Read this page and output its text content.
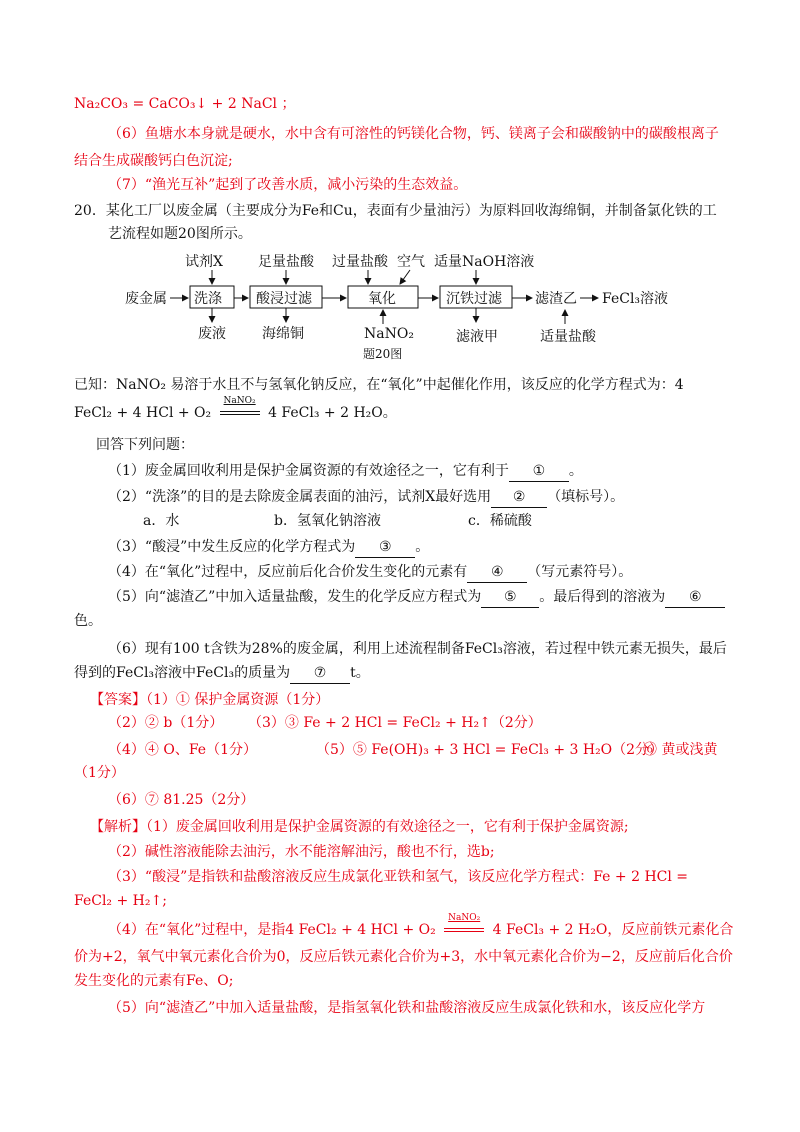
Na₂CO₃ = CaCO₃↓ + 2 NaCl ；
（6）鱼塘水本身就是硬水，水中含有可溶性的钙镁化合物，钙、镁离子会和碳酸钠中的碳酸根离子
结合生成碳酸钙白色沉淀;
（7）“渔光互补”起到了改善水质，减小污染的生态效益。
20．某化工厂以废金属（主要成分为Fe和Cu，表面有少量油污）为原料回收海绵铜，并制备氯化铁的工
艺流程如题20图所示。
废金属 洗涤 酸浸过滤	氧化	沉铁过滤 滤渣乙 FeCl₃溶液
试剂X	足量盐酸 过量盐酸 空气 适量NaOH溶液
废液	海绵铜	NaNO₂	滤液甲	适量盐酸
题20图
已知：NaNO₂ 易溶于水且不与氢氧化钠反应，在“氧化”中起催化作用，该反应的化学方程式为：4
FeCl₂ + 4 HCl + O₂
NaNO₂
4 FeCl₃ + 2 H₂O。
回答下列问题：
（1）废金属回收利用是保护金属资源的有效途径之一，它有利于 ① 。
（2）“洗涤”的目的是去除废金属表面的油污，试剂X最好选用 ② （填标号）。
a．水	b．氢氧化钠溶液	c．稀硫酸
（3）“酸浸”中发生反应的化学方程式为 ③ 。
（4）在“氧化”过程中，反应前后化合价发生变化的元素有 ④ （写元素符号）。
（5）向“滤渣乙”中加入适量盐酸，发生的化学反应方程式为 ⑤ 。最后得到的溶液为 ⑥
色。
（6）现有100 t含铁为28%的废金属，利用上述流程制备FeCl₃溶液，若过程中铁元素无损失，最后
得到的FeCl₃溶液中FeCl₃的质量为 ⑦ t。
【答案】（1）① 保护金属资源（1分）
（2）② b（1分） （3）③ Fe + 2 HCl = FeCl₂ + H₂↑（2分）
（4）④ O、Fe（1分）	（5）⑤ Fe(OH)₃ + 3 HCl = FeCl₃ + 3 H₂O（2分）
⑥ 黄或浅黄
（1分）
（6）⑦ 81.25（2分）
【解析】（1）废金属回收利用是保护金属资源的有效途径之一，它有利于保护金属资源;
（2）碱性溶液能除去油污，水不能溶解油污，酸也不行，选b;
（3）“酸浸”是指铁和盐酸溶液反应生成氯化亚铁和氢气，该反应化学方程式：Fe + 2 HCl =
FeCl₂ + H₂↑;
（4）在“氧化”过程中，是指4 FeCl₂ + 4 HCl + O₂
NaNO₂
4 FeCl₃ + 2 H₂O，反应前铁元素化合
价为+2，氧气中氧元素化合价为0，反应后铁元素化合价为+3，水中氧元素化合价为−2，反应前后化合价
发生变化的元素有Fe、O;
（5）向“滤渣乙”中加入适量盐酸，是指氢氧化铁和盐酸溶液反应生成氯化铁和水，该反应化学方
